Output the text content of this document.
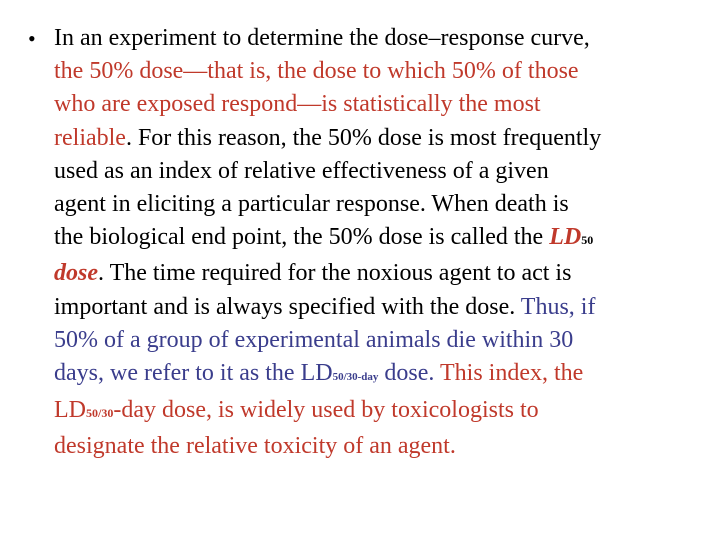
• In an experiment to determine the dose–response curve,
the 50% dose—that is, the dose to which 50% of those
who are exposed respond—is statistically the most
reliable. For this reason, the 50% dose is most frequently
used as an index of relative effectiveness of a given
agent in eliciting a particular response. When death is
the biological end point, the 50% dose is called the LD50
dose. The time required for the noxious agent to act is
important and is always specified with the dose. Thus, if
50% of a group of experimental animals die within 30
days, we refer to it as the LD50/30-day dose. This index, the
LD50/30-day dose, is widely used by toxicologists to
designate the relative toxicity of an agent.
